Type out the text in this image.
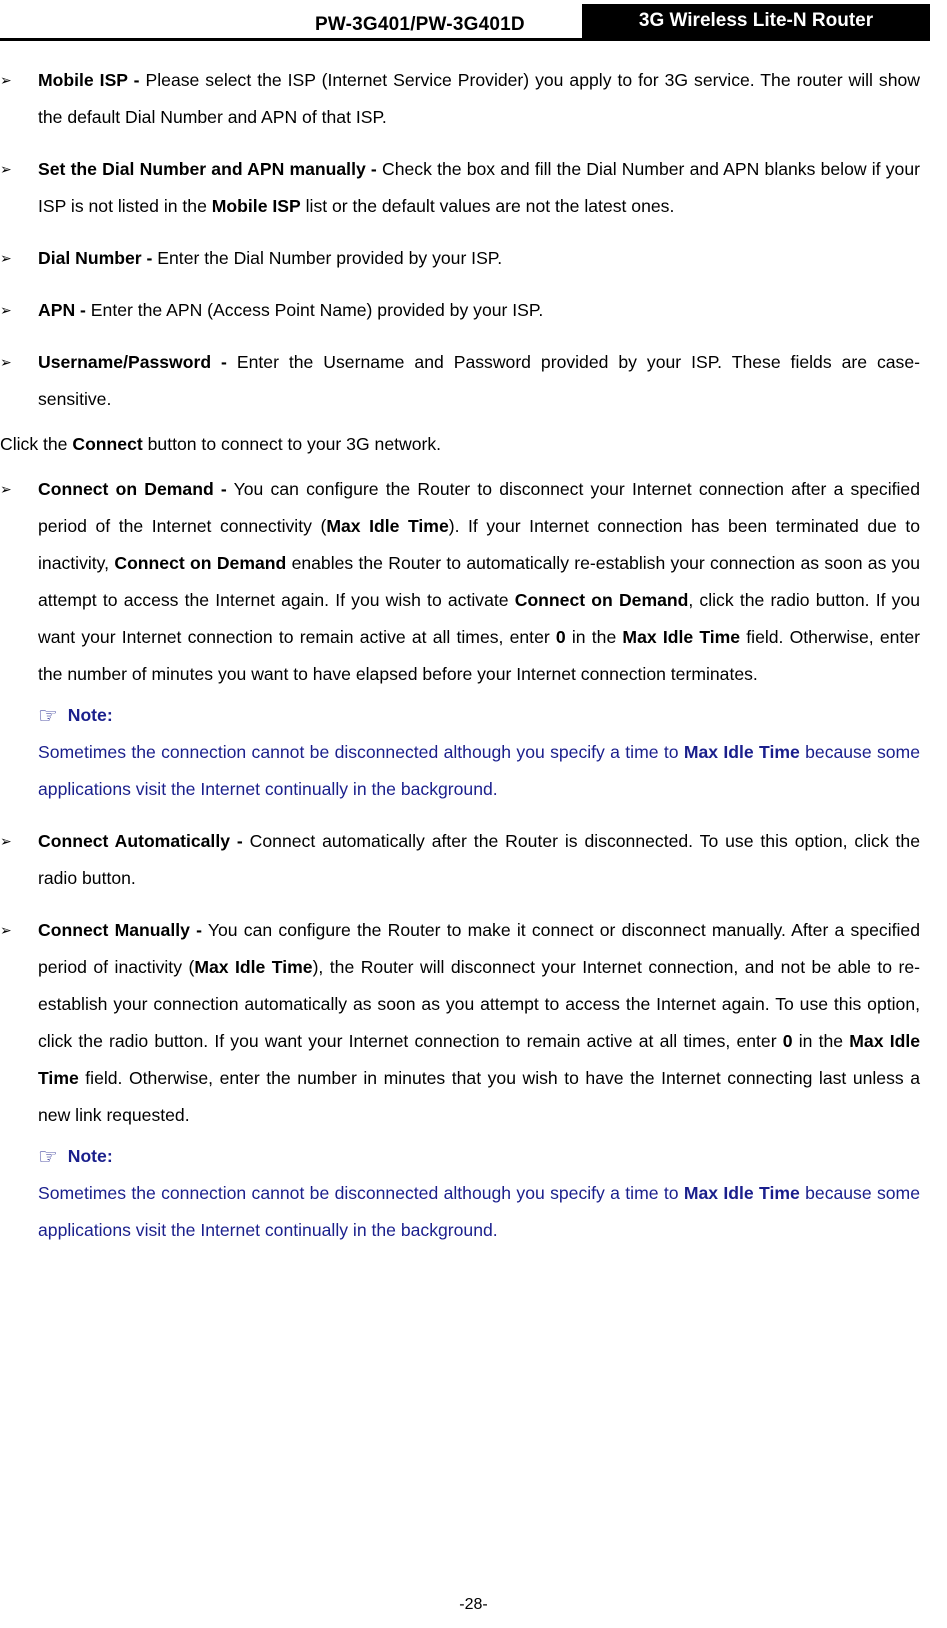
PW-3G401/PW-3G401D	3G Wireless Lite-N Router
➢ Mobile ISP - Please select the ISP (Internet Service Provider) you apply to for 3G service. The router will show the default Dial Number and APN of that ISP.
➢ Set the Dial Number and APN manually - Check the box and fill the Dial Number and APN blanks below if your ISP is not listed in the Mobile ISP list or the default values are not the latest ones.
➢ Dial Number - Enter the Dial Number provided by your ISP.
➢ APN - Enter the APN (Access Point Name) provided by your ISP.
➢ Username/Password - Enter the Username and Password provided by your ISP. These fields are case-sensitive.
Click the Connect button to connect to your 3G network.
➢ Connect on Demand - You can configure the Router to disconnect your Internet connection after a specified period of the Internet connectivity (Max Idle Time). If your Internet connection has been terminated due to inactivity, Connect on Demand enables the Router to automatically re-establish your connection as soon as you attempt to access the Internet again. If you wish to activate Connect on Demand, click the radio button. If you want your Internet connection to remain active at all times, enter 0 in the Max Idle Time field. Otherwise, enter the number of minutes you want to have elapsed before your Internet connection terminates.
☞ Note:
Sometimes the connection cannot be disconnected although you specify a time to Max Idle Time because some applications visit the Internet continually in the background.
➢ Connect Automatically - Connect automatically after the Router is disconnected. To use this option, click the radio button.
➢ Connect Manually - You can configure the Router to make it connect or disconnect manually. After a specified period of inactivity (Max Idle Time), the Router will disconnect your Internet connection, and not be able to re-establish your connection automatically as soon as you attempt to access the Internet again. To use this option, click the radio button. If you want your Internet connection to remain active at all times, enter 0 in the Max Idle Time field. Otherwise, enter the number in minutes that you wish to have the Internet connecting last unless a new link requested.
☞ Note:
Sometimes the connection cannot be disconnected although you specify a time to Max Idle Time because some applications visit the Internet continually in the background.
-28-
